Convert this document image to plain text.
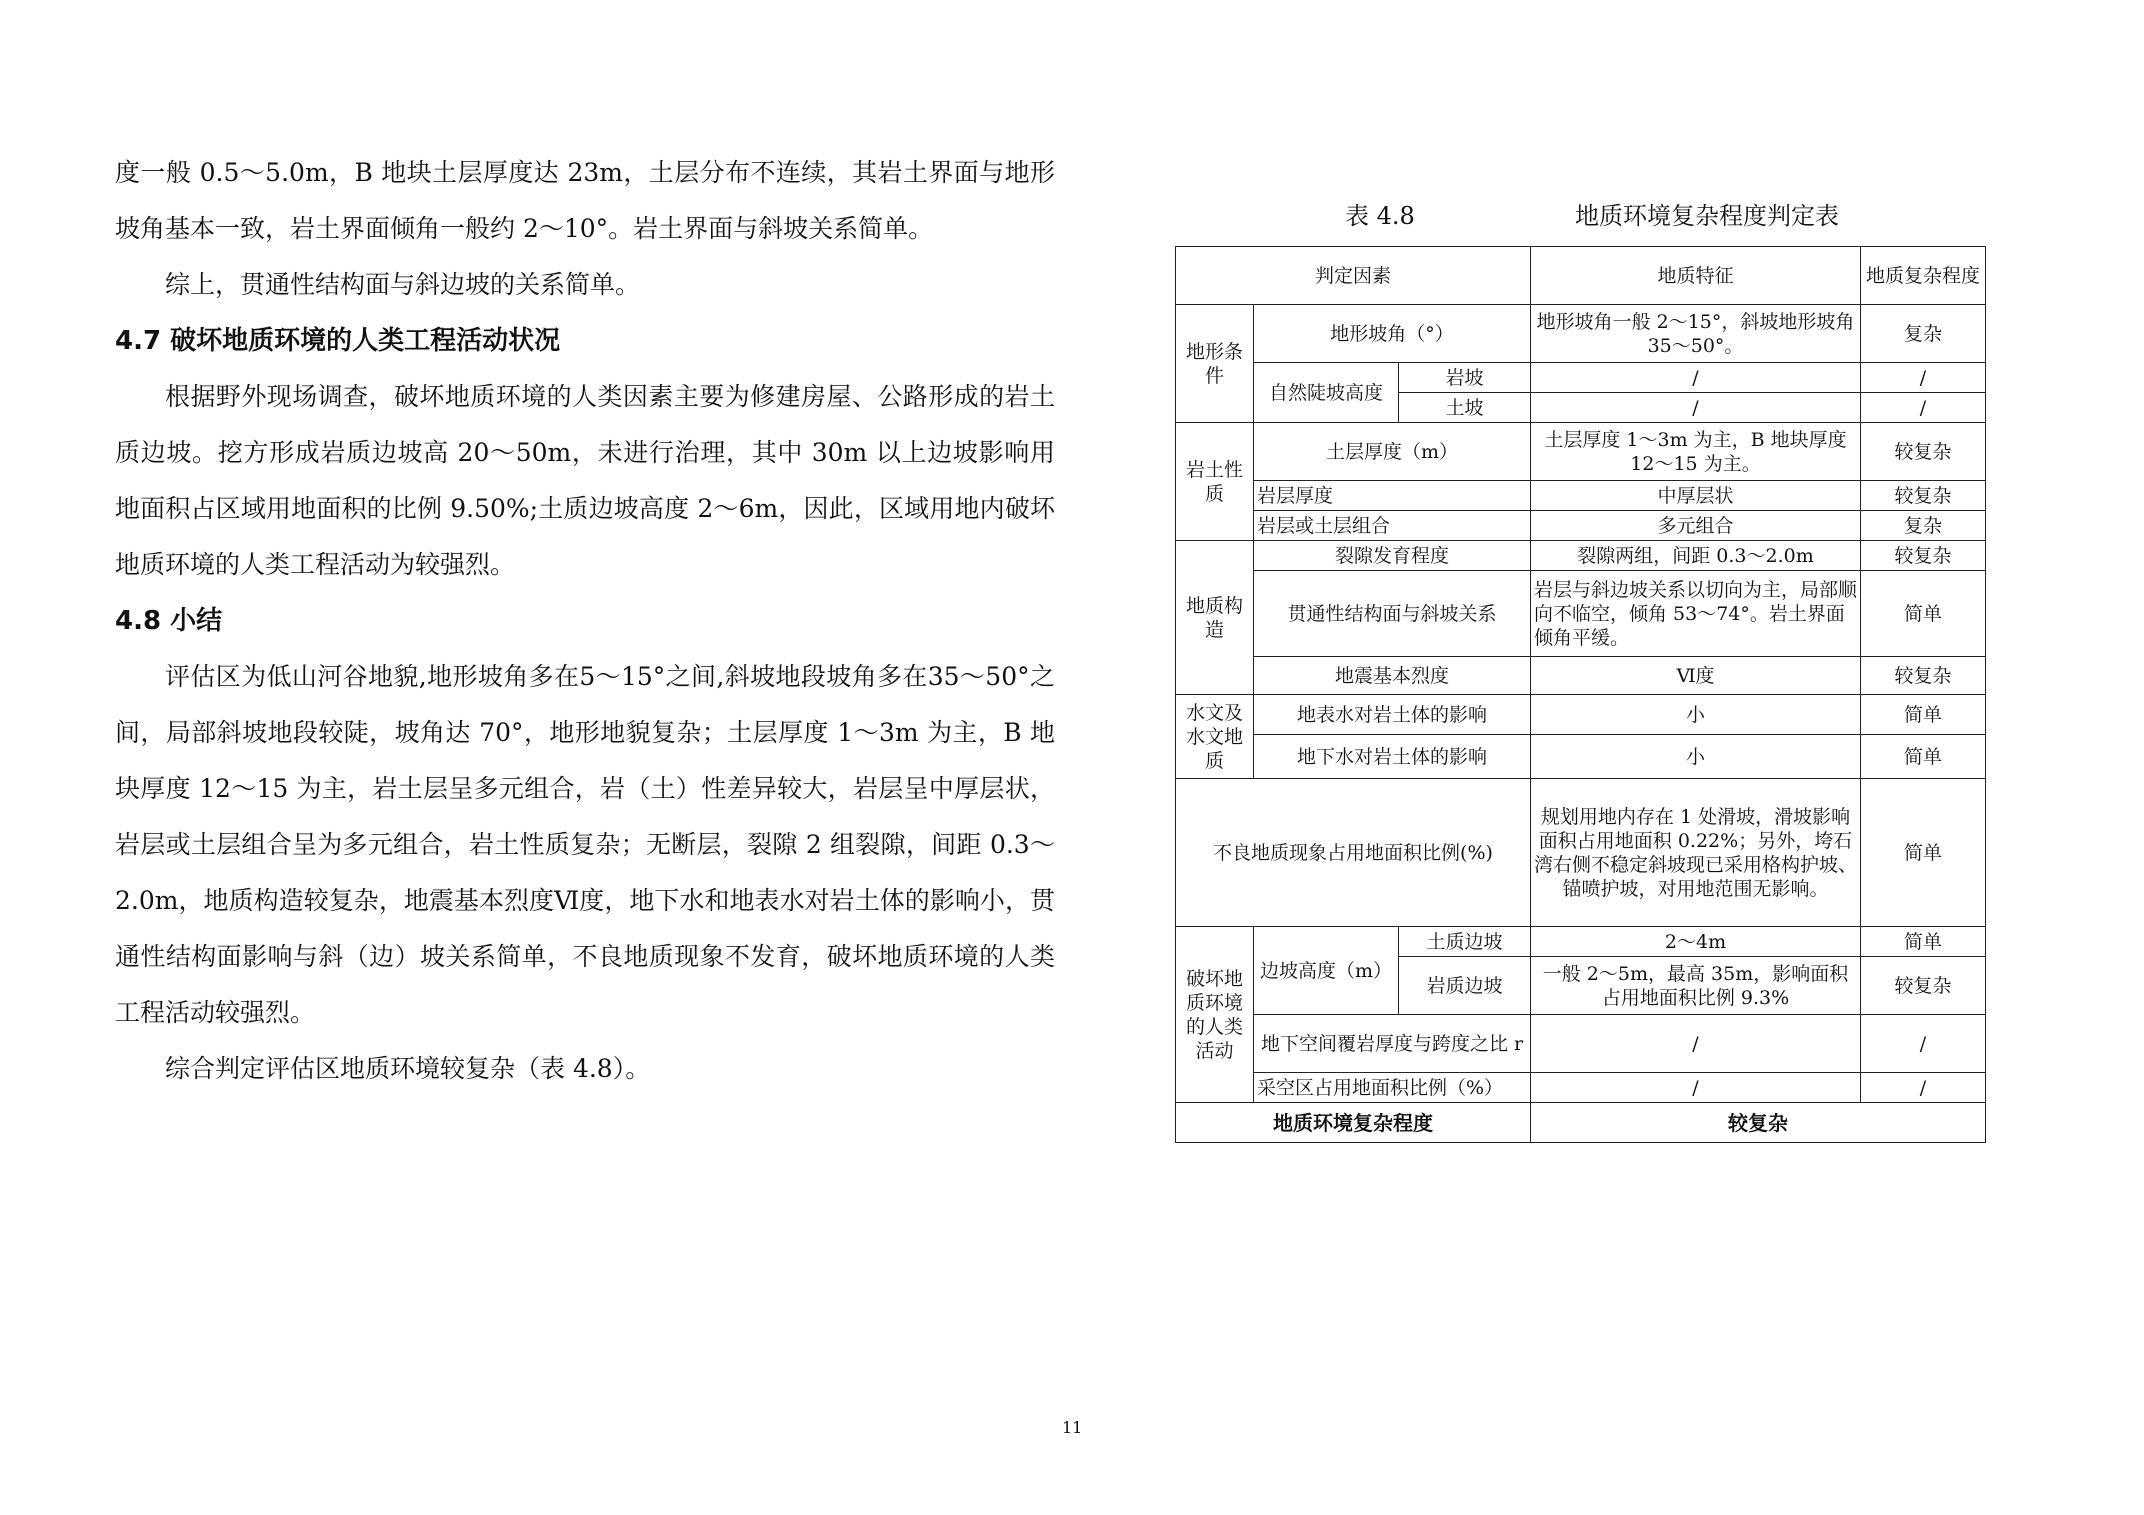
度一般 0.5～5.0m，B 地块土层厚度达 23m，土层分布不连续，其岩土界面与地形坡角基本一致，岩土界面倾角一般约 2～10°。岩土界面与斜坡关系简单。

综上，贯通性结构面与斜边坡的关系简单。

4.7 破坏地质环境的人类工程活动状况

根据野外现场调查，破坏地质环境的人类因素主要为修建房屋、公路形成的岩土质边坡。挖方形成岩质边坡高 20～50m，未进行治理，其中 30m 以上边坡影响用地面积占区域用地面积的比例 9.50%;土质边坡高度 2～6m，因此，区域用地内破坏地质环境的人类工程活动为较强烈。

4.8 小结

评估区为低山河谷地貌,地形坡角多在5～15°之间,斜坡地段坡角多在35～50°之间，局部斜坡地段较陡，坡角达 70°，地形地貌复杂；土层厚度 1～3m 为主，B 地块厚度 12～15 为主，岩土层呈多元组合，岩（土）性差异较大，岩层呈中厚层状，岩层或土层组合呈为多元组合，岩土性质复杂；无断层，裂隙 2 组裂隙，间距 0.3～2.0m，地质构造较复杂，地震基本烈度Ⅵ度，地下水和地表水对岩土体的影响小，贯通性结构面影响与斜（边）坡关系简单，不良地质现象不发育，破坏地质环境的人类工程活动较强烈。

综合判定评估区地质环境较复杂（表 4.8）。

表 4.8	地质环境复杂程度判定表
判定因素			地质特征	地质复杂程度
地形条件	地形坡角（°）		地形坡角一般 2～15°，斜坡地形坡角 35～50°。	复杂
	自然陡坡高度	岩坡	/	/
		土坡	/	/
岩土性质	土层厚度（m）		土层厚度 1～3m 为主，B 地块厚度 12～15 为主。	较复杂
	岩层厚度		中厚层状	较复杂
	岩层或土层组合		多元组合	复杂
地质构造	裂隙发育程度		裂隙两组，间距 0.3～2.0m	较复杂
	贯通性结构面与斜坡关系		岩层与斜边坡关系以切向为主，局部顺向不临空，倾角 53～74°。岩土界面倾角平缓。	简单
	地震基本烈度		Ⅵ度	较复杂
水文及水文地质	地表水对岩土体的影响		小	简单
	地下水对岩土体的影响		小	简单
不良地质现象占用地面积比例(%)			规划用地内存在 1 处滑坡，滑坡影响面积占用地面积 0.22%；另外，垮石湾右侧不稳定斜坡现已采用格构护坡、锚喷护坡，对用地范围无影响。	简单
破坏地质环境的人类活动	边坡高度（m）	土质边坡	2～4m	简单
		岩质边坡	一般 2～5m，最高 35m，影响面积占用地面积比例 9.3%	较复杂
	地下空间覆岩厚度与跨度之比 r		/	/
	采空区占用地面积比例（%）		/	/
地质环境复杂程度			较复杂	
11
